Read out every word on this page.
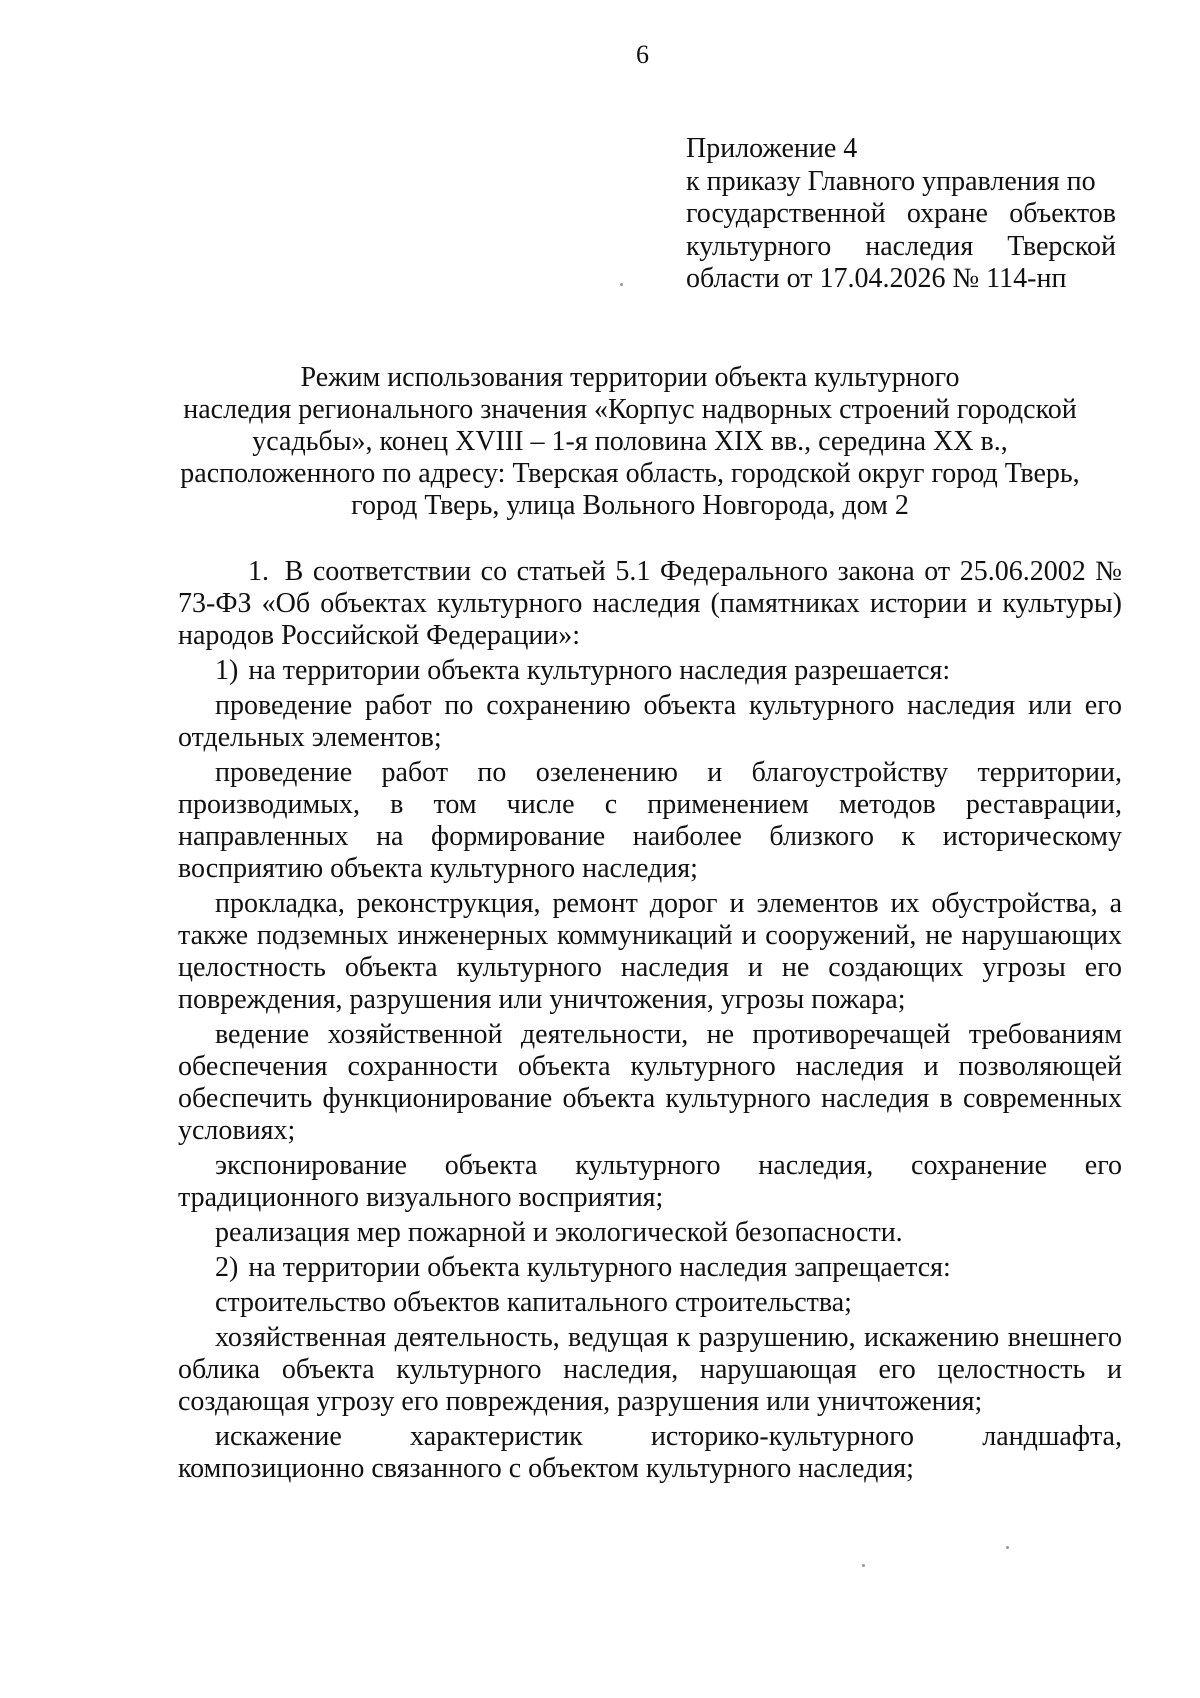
6
Приложение 4
к приказу Главного управления по
государственной охране объектов
культурного наследия Тверской
области от 17.04.2026 № 114-нп
Режим использования территории объекта культурного
наследия регионального значения «Корпус надворных строений городской
усадьбы», конец XVIII – 1-я половина XIX вв., середина XX в.,
расположенного по адресу: Тверская область, городской округ город Тверь,
город Тверь, улица Вольного Новгорода, дом 2
1. В соответствии со статьей 5.1 Федерального закона от 25.06.2002 № 73-ФЗ «Об объектах культурного наследия (памятниках истории и культуры) народов Российской Федерации»:
1) на территории объекта культурного наследия разрешается:
проведение работ по сохранению объекта культурного наследия или его отдельных элементов;
проведение работ по озеленению и благоустройству территории, производимых, в том числе с применением методов реставрации, направленных на формирование наиболее близкого к историческому восприятию объекта культурного наследия;
прокладка, реконструкция, ремонт дорог и элементов их обустройства, а также подземных инженерных коммуникаций и сооружений, не нарушающих целостность объекта культурного наследия и не создающих угрозы его повреждения, разрушения или уничтожения, угрозы пожара;
ведение хозяйственной деятельности, не противоречащей требованиям обеспечения сохранности объекта культурного наследия и позволяющей обеспечить функционирование объекта культурного наследия в современных условиях;
экспонирование объекта культурного наследия, сохранение его традиционного визуального восприятия;
реализация мер пожарной и экологической безопасности.
2) на территории объекта культурного наследия запрещается:
строительство объектов капитального строительства;
хозяйственная деятельность, ведущая к разрушению, искажению внешнего облика объекта культурного наследия, нарушающая его целостность и создающая угрозу его повреждения, разрушения или уничтожения;
искажение характеристик историко-культурного ландшафта, композиционно связанного с объектом культурного наследия;
